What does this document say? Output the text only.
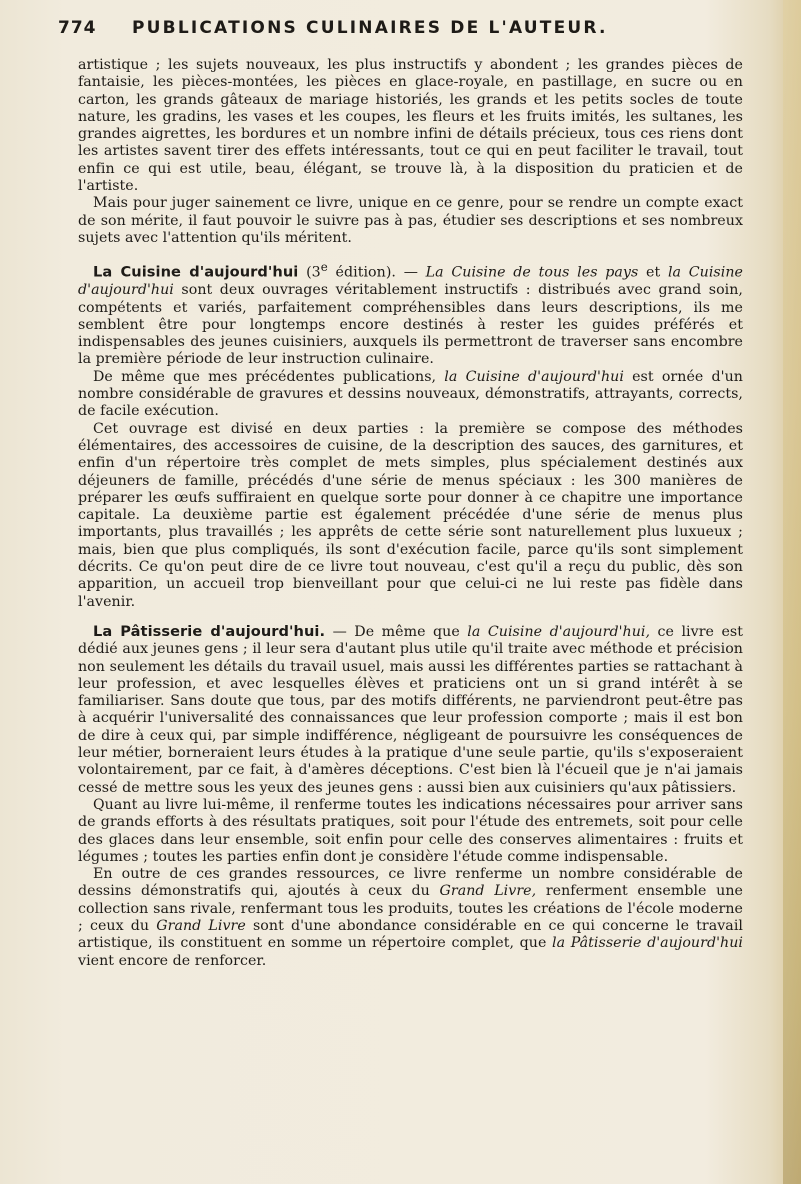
774	PUBLICATIONS CULINAIRES DE L'AUTEUR.

artistique ; les sujets nouveaux, les plus instructifs y abondent ; les grandes pièces de fantaisie, les pièces-montées, les pièces en glace-royale, en pastillage, en sucre ou en carton, les grands gâteaux de mariage historiés, les grands et les petits socles de toute nature, les gradins, les vases et les coupes, les fleurs et les fruits imités, les sultanes, les grandes aigrettes, les bordures et un nombre infini de détails précieux, tous ces riens dont les artistes savent tirer des effets intéressants, tout ce qui en peut faciliter le travail, tout enfin ce qui est utile, beau, élégant, se trouve là, à la disposition du praticien et de l'artiste.

Mais pour juger sainement ce livre, unique en ce genre, pour se rendre un compte exact de son mérite, il faut pouvoir le suivre pas à pas, étudier ses descriptions et ses nombreux sujets avec l'attention qu'ils méritent.

La Cuisine d'aujourd'hui (3e édition). — La Cuisine de tous les pays et la Cuisine d'aujourd'hui sont deux ouvrages véritablement instructifs : distribués avec grand soin, compétents et variés, parfaitement compréhensibles dans leurs descriptions, ils me semblent être pour longtemps encore destinés à rester les guides préférés et indispensables des jeunes cuisiniers, auxquels ils permettront de traverser sans encombre la première période de leur instruction culinaire.

De même que mes précédentes publications, la Cuisine d'aujourd'hui est ornée d'un nombre considérable de gravures et dessins nouveaux, démonstratifs, attrayants, corrects, de facile exécution.

Cet ouvrage est divisé en deux parties : la première se compose des méthodes élémentaires, des accessoires de cuisine, de la description des sauces, des garnitures, et enfin d'un répertoire très complet de mets simples, plus spécialement destinés aux déjeuners de famille, précédés d'une série de menus spéciaux : les 300 manières de préparer les œufs suffiraient en quelque sorte pour donner à ce chapitre une importance capitale. La deuxième partie est également précédée d'une série de menus plus importants, plus travaillés ; les apprêts de cette série sont naturellement plus luxueux ; mais, bien que plus compliqués, ils sont d'exécution facile, parce qu'ils sont simplement décrits. Ce qu'on peut dire de ce livre tout nouveau, c'est qu'il a reçu du public, dès son apparition, un accueil trop bienveillant pour que celui-ci ne lui reste pas fidèle dans l'avenir.

La Pâtisserie d'aujourd'hui. — De même que la Cuisine d'aujourd'hui, ce livre est dédié aux jeunes gens ; il leur sera d'autant plus utile qu'il traite avec méthode et précision non seulement les détails du travail usuel, mais aussi les différentes parties se rattachant à leur profession, et avec lesquelles élèves et praticiens ont un si grand intérêt à se familiariser. Sans doute que tous, par des motifs différents, ne parviendront peut-être pas à acquérir l'universalité des connaissances que leur profession comporte ; mais il est bon de dire à ceux qui, par simple indifférence, négligeant de poursuivre les conséquences de leur métier, borneraient leurs études à la pratique d'une seule partie, qu'ils s'exposeraient volontairement, par ce fait, à d'amères déceptions. C'est bien là l'écueil que je n'ai jamais cessé de mettre sous les yeux des jeunes gens : aussi bien aux cuisiniers qu'aux pâtissiers.

Quant au livre lui-même, il renferme toutes les indications nécessaires pour arriver sans de grands efforts à des résultats pratiques, soit pour l'étude des entremets, soit pour celle des glaces dans leur ensemble, soit enfin pour celle des conserves alimentaires : fruits et légumes ; toutes les parties enfin dont je considère l'étude comme indispensable.

En outre de ces grandes ressources, ce livre renferme un nombre considérable de dessins démonstratifs qui, ajoutés à ceux du Grand Livre, renferment ensemble une collection sans rivale, renfermant tous les produits, toutes les créations de l'école moderne ; ceux du Grand Livre sont d'une abondance considérable en ce qui concerne le travail artistique, ils constituent en somme un répertoire complet, que la Pâtisserie d'aujourd'hui vient encore de renforcer.
